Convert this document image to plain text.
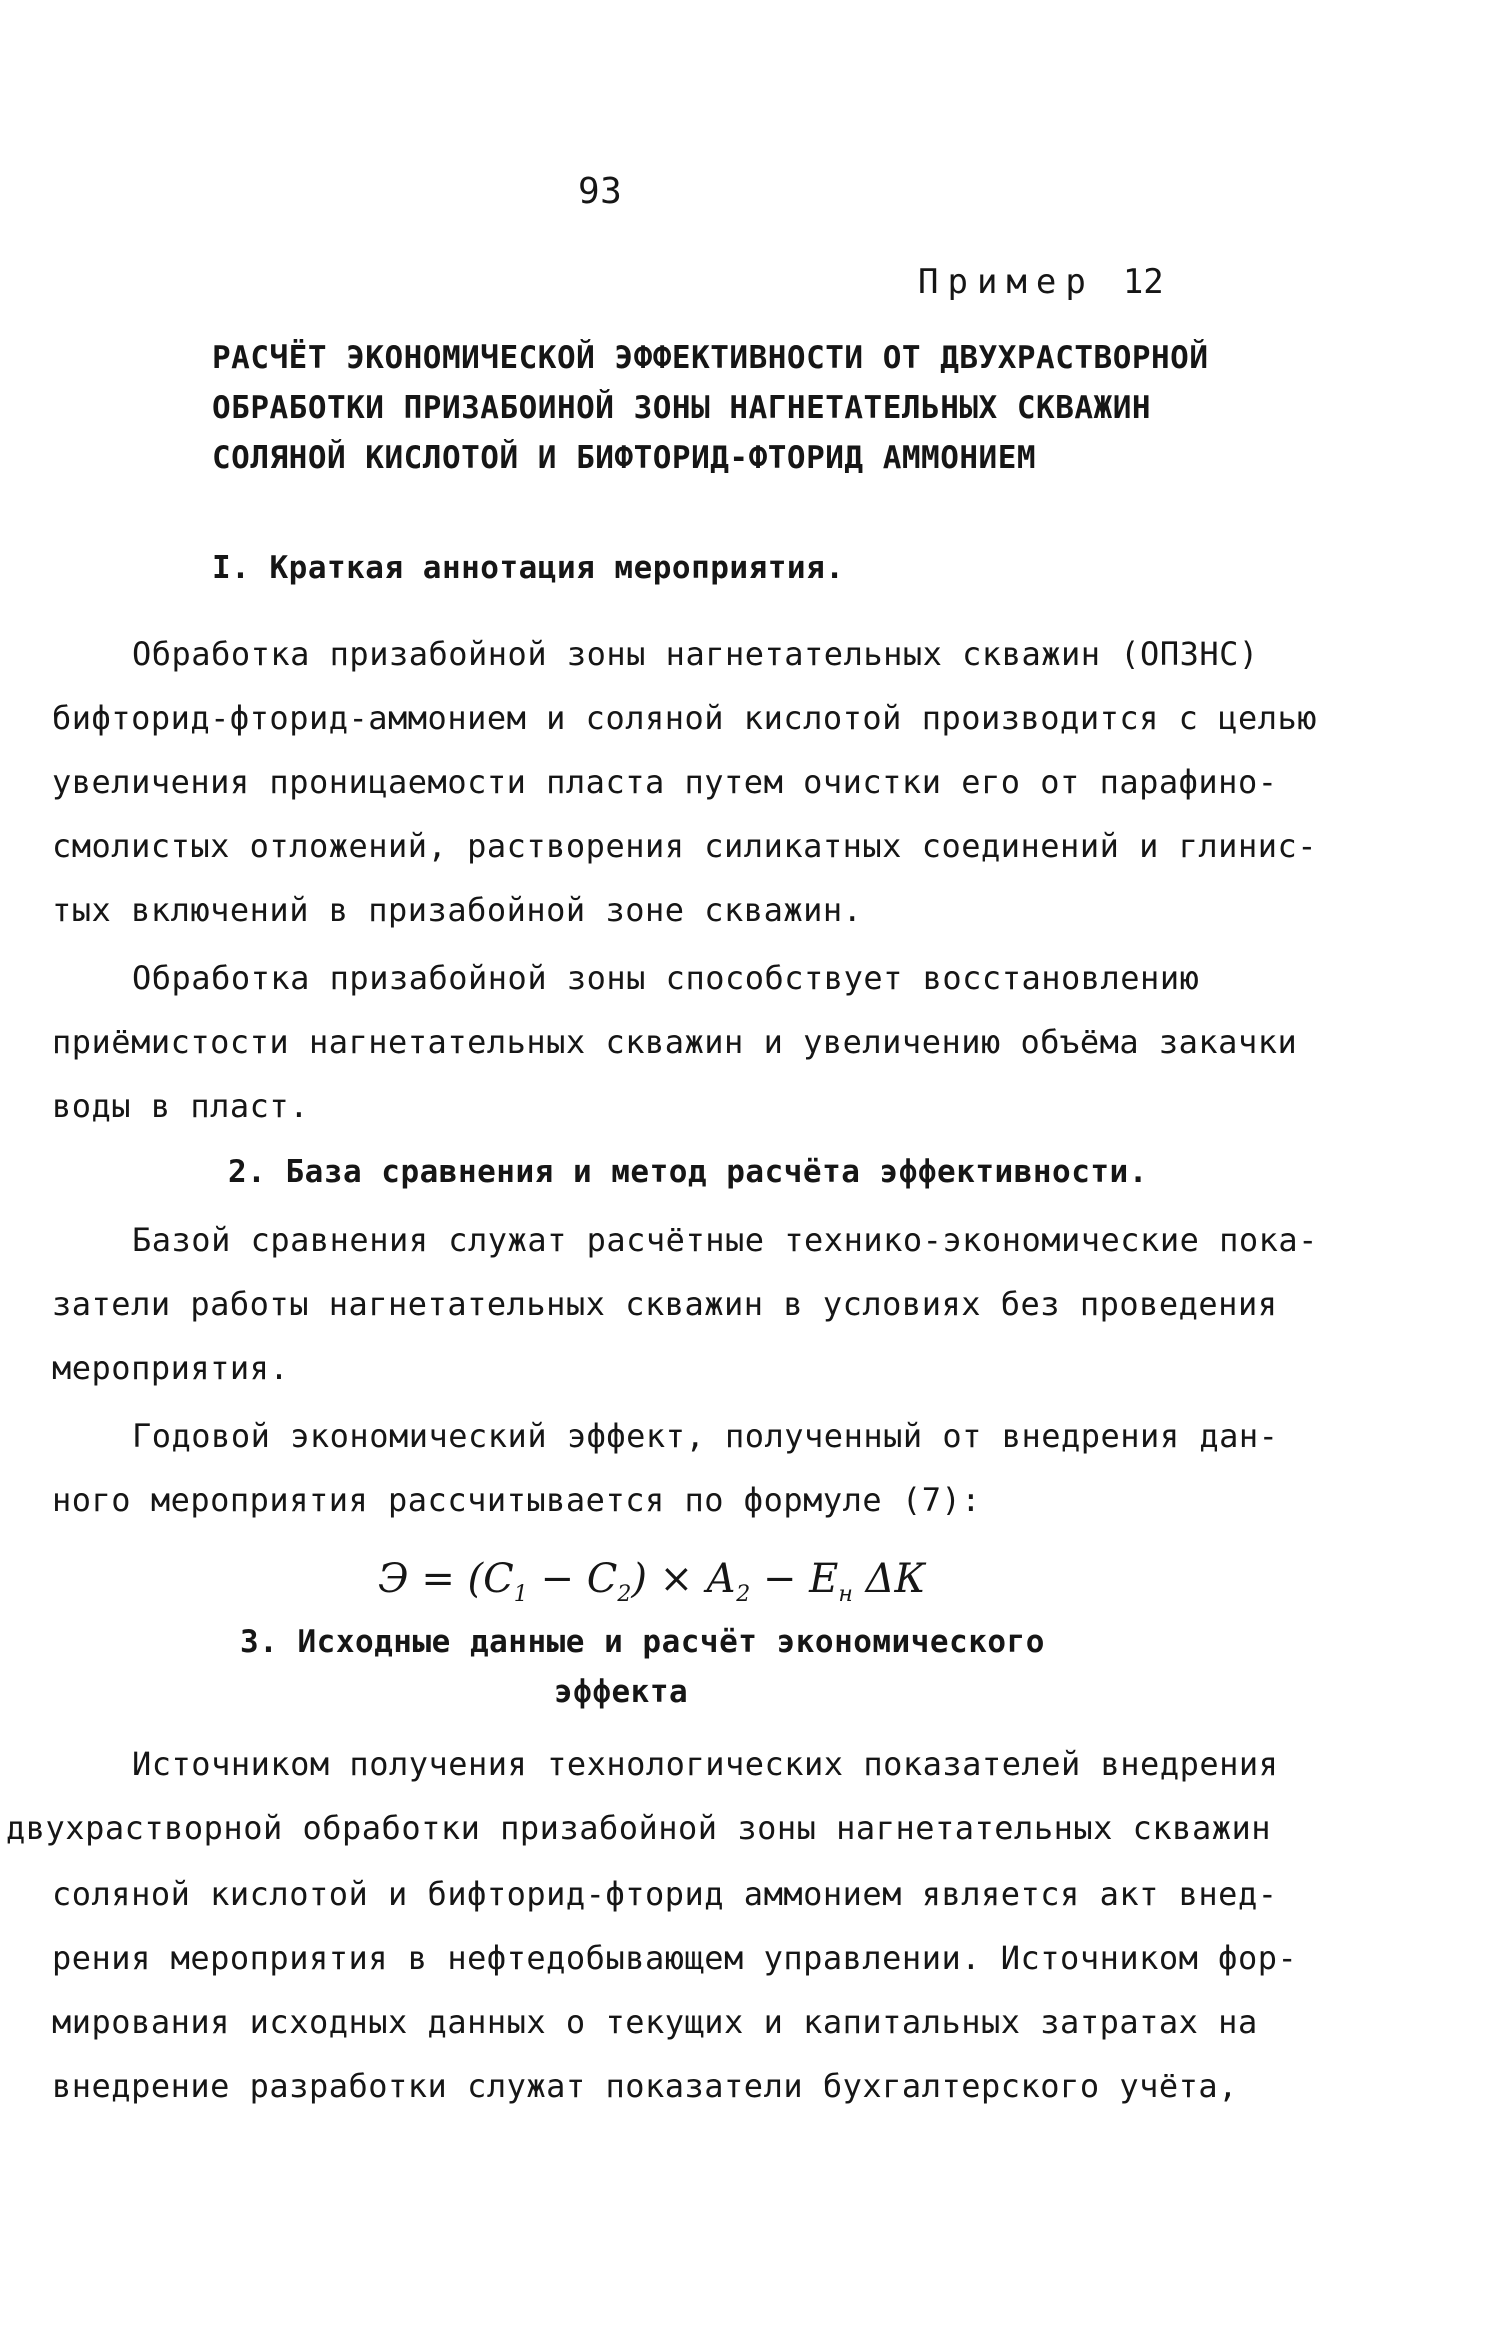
93
Пример 12
РАСЧЁТ ЭКОНОМИЧЕСКОЙ ЭФФЕКТИВНОСТИ ОТ ДВУХРАСТВОРНОЙ
ОБРАБОТКИ ПРИЗАБОИНОЙ ЗОНЫ НАГНЕТАТЕЛЬНЫХ СКВАЖИН
СОЛЯНОЙ КИСЛОТОЙ И БИФТОРИД-ФТОРИД АММОНИЕМ
I. Краткая аннотация мероприятия.
Обработка призабойной зоны нагнетательных скважин (ОПЗНС)
бифторид-фторид-аммонием и соляной кислотой производится с целью
увеличения проницаемости пласта путем очистки его от парафино-
смолистых отложений, растворения силикатных соединений и глинис-
тых включений в призабойной зоне скважин.
Обработка призабойной зоны способствует восстановлению
приёмистости нагнетательных скважин и увеличению объёма закачки
воды в пласт.
2. База сравнения и метод расчёта эффективности.
Базой сравнения служат расчётные технико-экономические пока-
затели работы нагнетательных скважин в условиях без проведения
мероприятия.
Годовой экономический эффект, полученный от внедрения дан-
ного мероприятия рассчитывается по формуле (7):
$Э = (С_1 - С_2) \times А_2 - Е_н$ ΔК
3. Исходные данные и расчёт экономического
эффекта
Источником получения технологических показателей внедрения
двухрастворной обработки призабойной зоны нагнетательных скважин
соляной кислотой и бифторид-фторид аммонием является акт внед-
рения мероприятия в нефтедобывающем управлении. Источником фор-
мирования исходных данных о текущих и капитальных затратах на
внедрение разработки служат показатели бухгалтерского учёта,
